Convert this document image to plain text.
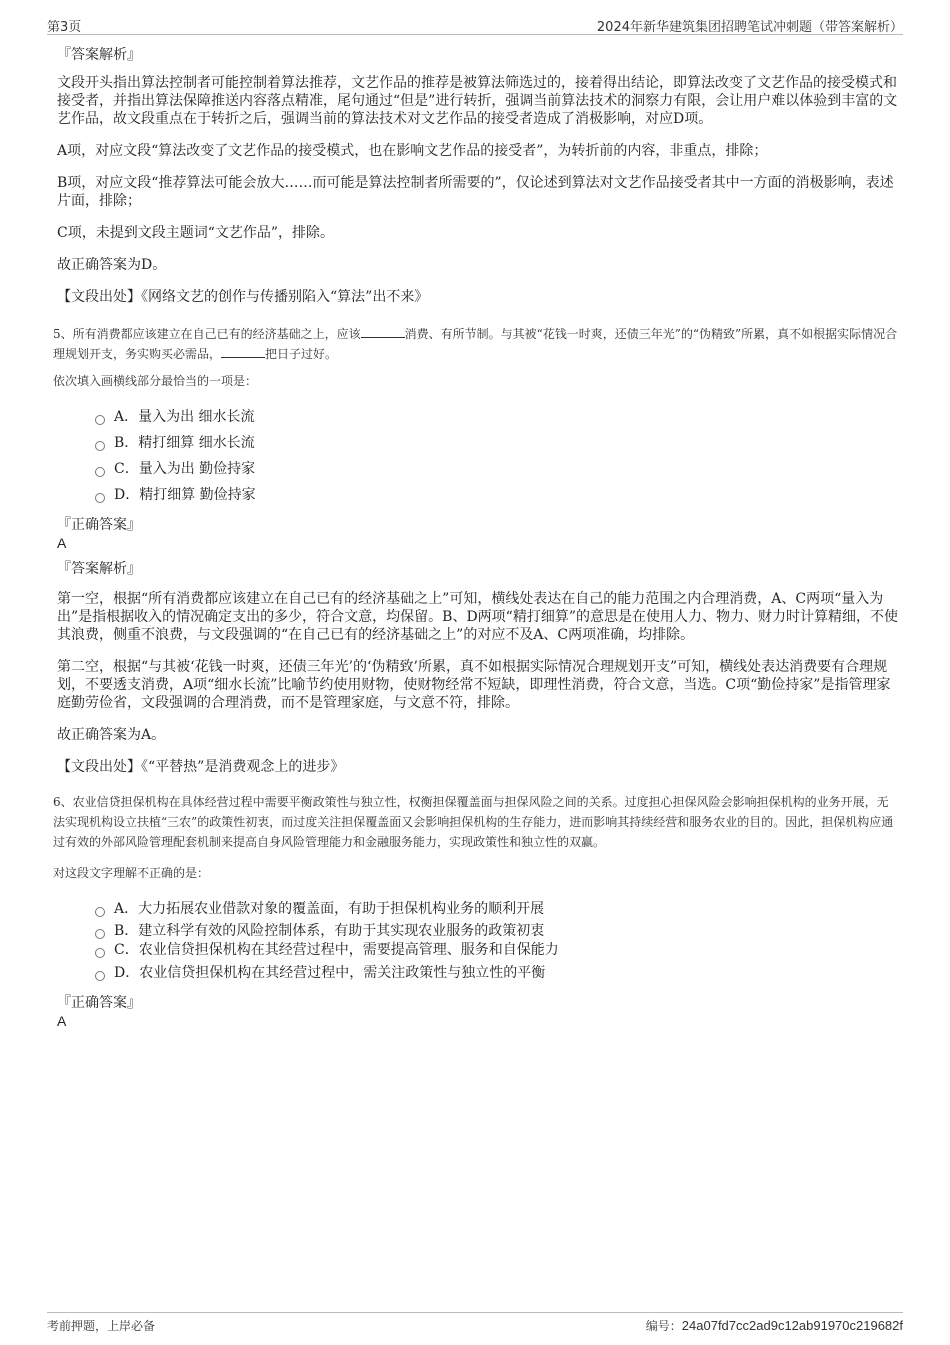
第3页	2024年新华建筑集团招聘笔试冲刺题（带答案解析）
『答案解析』

文段开头指出算法控制者可能控制着算法推荐，文艺作品的推荐是被算法筛选过的，接着得出结论，即算法改变了文艺作品的接受模式和接受者，并指出算法保障推送内容落点精准，尾句通过“但是”进行转折，强调当前算法技术的洞察力有限，会让用户难以体验到丰富的文艺作品，故文段重点在于转折之后，强调当前的算法技术对文艺作品的接受者造成了消极影响，对应D项。

A项，对应文段“算法改变了文艺作品的接受模式，也在影响文艺作品的接受者”，为转折前的内容，非重点，排除；

B项，对应文段“推荐算法可能会放大……而可能是算法控制者所需要的”，仅论述到算法对文艺作品接受者其中一方面的消极影响，表述片面，排除；

C项，未提到文段主题词“文艺作品”，排除。

故正确答案为D。

【文段出处】《网络文艺的创作与传播别陷入“算法”出不来》

5、所有消费都应该建立在自己已有的经济基础之上，应该	消费、有所节制。与其被“花钱一时爽，还债三年光”的“伪精致”所累，真不如根据实际情况合理规划开支，务实购买必需品，	把日子过好。
依次填入画横线部分最恰当的一项是：
A．量入为出 细水长流
B．精打细算 细水长流
C．量入为出 勤俭持家
D．精打细算 勤俭持家
『正确答案』
A
『答案解析』

第一空，根据“所有消费都应该建立在自己已有的经济基础之上”可知，横线处表达在自己的能力范围之内合理消费，A、C两项“量入为出”是指根据收入的情况确定支出的多少，符合文意，均保留。B、D两项“精打细算”的意思是在使用人力、物力、财力时计算精细，不使其浪费，侧重不浪费，与文段强调的“在自己已有的经济基础之上”的对应不及A、C两项准确，均排除。

第二空，根据“与其被‘花钱一时爽，还债三年光’的‘伪精致’所累，真不如根据实际情况合理规划开支”可知，横线处表达消费要有合理规划，不要透支消费，A项“细水长流”比喻节约使用财物，使财物经常不短缺，即理性消费，符合文意，当选。C项“勤俭持家”是指管理家庭勤劳俭省，文段强调的合理消费，而不是管理家庭，与文意不符，排除。

故正确答案为A。

【文段出处】《“平替热”是消费观念上的进步》

6、农业信贷担保机构在具体经营过程中需要平衡政策性与独立性，权衡担保覆盖面与担保风险之间的关系。过度担心担保风险会影响担保机构的业务开展，无法实现机构设立扶植“三农”的政策性初衷，而过度关注担保覆盖面又会影响担保机构的生存能力，进而影响其持续经营和服务农业的目的。因此，担保机构应通过有效的外部风险管理配套机制来提高自身风险管理能力和金融服务能力，实现政策性和独立性的双赢。
对这段文字理解不正确的是：
A．大力拓展农业借款对象的覆盖面，有助于担保机构业务的顺利开展
B．建立科学有效的风险控制体系，有助于其实现农业服务的政策初衷
C．农业信贷担保机构在其经营过程中，需要提高管理、服务和自保能力
D．农业信贷担保机构在其经营过程中，需关注政策性与独立性的平衡
『正确答案』
A
考前押题，上岸必备	编号：24a07fd7cc2ad9c12ab91970c219682f
